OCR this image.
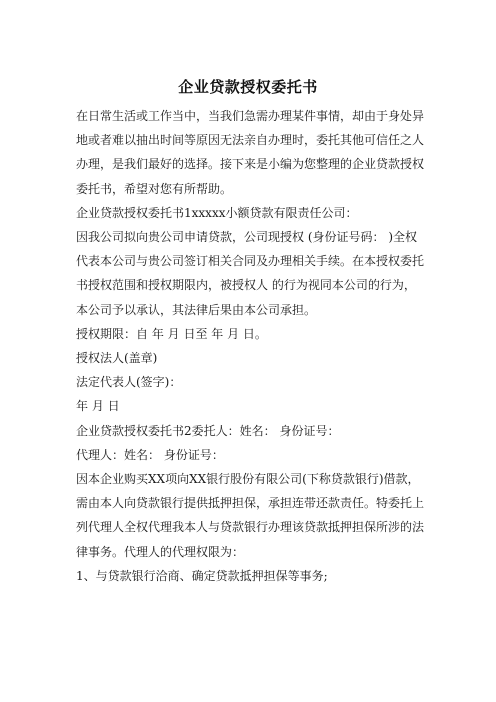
企业贷款授权委托书

在日常生活或工作当中，当我们急需办理某件事情，却由于身处异地或者难以抽出时间等原因无法亲自办理时，委托其他可信任之人办理，是我们最好的选择。接下来是小编为您整理的企业贷款授权委托书，希望对您有所帮助。

企业贷款授权委托书1xxxxx小额贷款有限责任公司：

因我公司拟向贵公司申请贷款，公司现授权 (身份证号码： )全权代表本公司与贵公司签订相关合同及办理相关手续。在本授权委托书授权范围和授权期限内，被授权人 的行为视同本公司的行为，本公司予以承认，其法律后果由本公司承担。

授权期限：自 年 月 日至 年 月 日。

授权法人(盖章)

法定代表人(签字)：

年 月 日

企业贷款授权委托书2委托人：姓名： 身份证号：

代理人：姓名： 身份证号：

因本企业购买XX项向XX银行股份有限公司(下称贷款银行)借款，需由本人向贷款银行提供抵押担保，承担连带还款责任。特委托上列代理人全权代理我本人与贷款银行办理该贷款抵押担保所涉的法律事务。代理人的代理权限为：

1、与贷款银行洽商、确定贷款抵押担保等事务;
